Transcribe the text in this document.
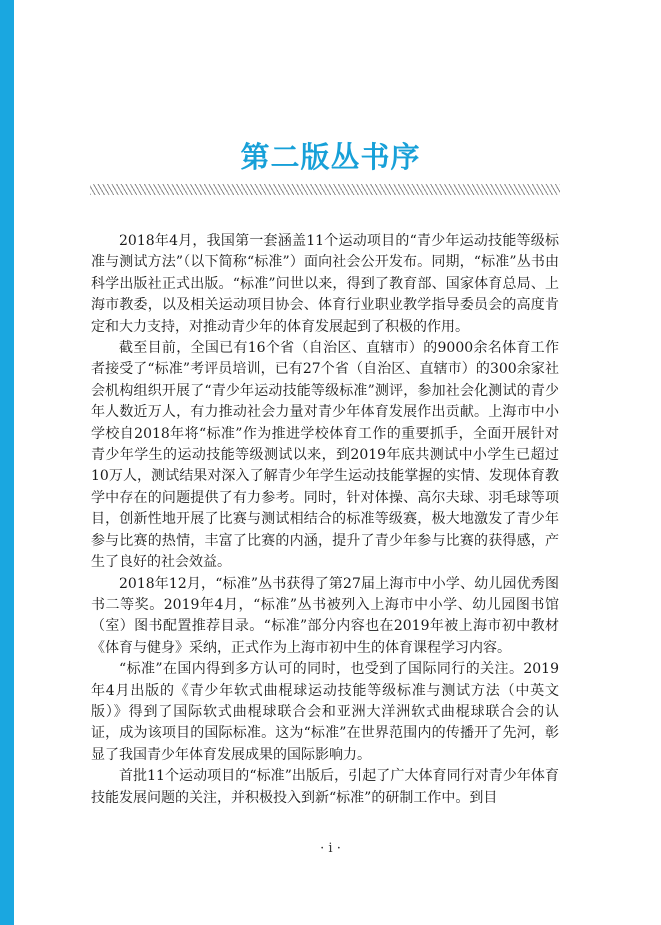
第二版丛书序

2018年4月，我国第一套涵盖11个运动项目的“青少年运动技能等级标准与测试方法”（以下简称“标准”）面向社会公开发布。同期，“标准”丛书由科学出版社正式出版。“标准”问世以来，得到了教育部、国家体育总局、上海市教委，以及相关运动项目协会、体育行业职业教学指导委员会的高度肯定和大力支持，对推动青少年的体育发展起到了积极的作用。

截至目前，全国已有16个省（自治区、直辖市）的9000余名体育工作者接受了“标准”考评员培训，已有27个省（自治区、直辖市）的300余家社会机构组织开展了“青少年运动技能等级标准”测评，参加社会化测试的青少年人数近万人，有力推动社会力量对青少年体育发展作出贡献。上海市中小学校自2018年将“标准”作为推进学校体育工作的重要抓手，全面开展针对青少年学生的运动技能等级测试以来，到2019年底共测试中小学生已超过10万人，测试结果对深入了解青少年学生运动技能掌握的实情、发现体育教学中存在的问题提供了有力参考。同时，针对体操、高尔夫球、羽毛球等项目，创新性地开展了比赛与测试相结合的标准等级赛，极大地激发了青少年参与比赛的热情，丰富了比赛的内涵，提升了青少年参与比赛的获得感，产生了良好的社会效益。

2018年12月，“标准”丛书获得了第27届上海市中小学、幼儿园优秀图书二等奖。2019年4月，“标准”丛书被列入上海市中小学、幼儿园图书馆（室）图书配置推荐目录。“标准”部分内容也在2019年被上海市初中教材《体育与健身》采纳，正式作为上海市初中生的体育课程学习内容。

“标准”在国内得到多方认可的同时，也受到了国际同行的关注。2019年4月出版的《青少年软式曲棍球运动技能等级标准与测试方法（中英文版）》得到了国际软式曲棍球联合会和亚洲大洋洲软式曲棍球联合会的认证，成为该项目的国际标准。这为“标准”在世界范围内的传播开了先河，彰显了我国青少年体育发展成果的国际影响力。

首批11个运动项目的“标准”出版后，引起了广大体育同行对青少年体育技能发展问题的关注，并积极投入到新“标准”的研制工作中。到目

· i ·
